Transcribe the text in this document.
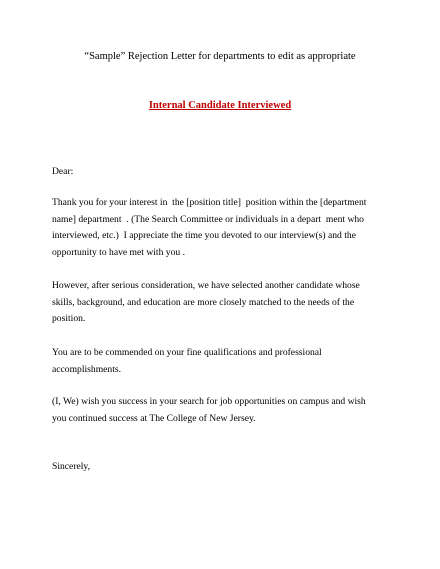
“Sample” Rejection Letter for departments to edit as appropriate
Internal Candidate Interviewed
Dear:
Thank you for your interest in  the [position title]  position within the [department
name] department  . (The Search Committee or individuals in a depart  ment who
interviewed, etc.)  I appreciate the time you devoted to our interview(s) and the
opportunity to have met with you .
However, after serious consideration, we have selected another candidate whose
skills, background, and education are more closely matched to the needs of the
position.
You are to be commended on your fine qualifications and professional
accomplishments.
(I, We) wish you success in your search for job opportunities on campus and wish
you continued success at The College of New Jersey.
Sincerely,
